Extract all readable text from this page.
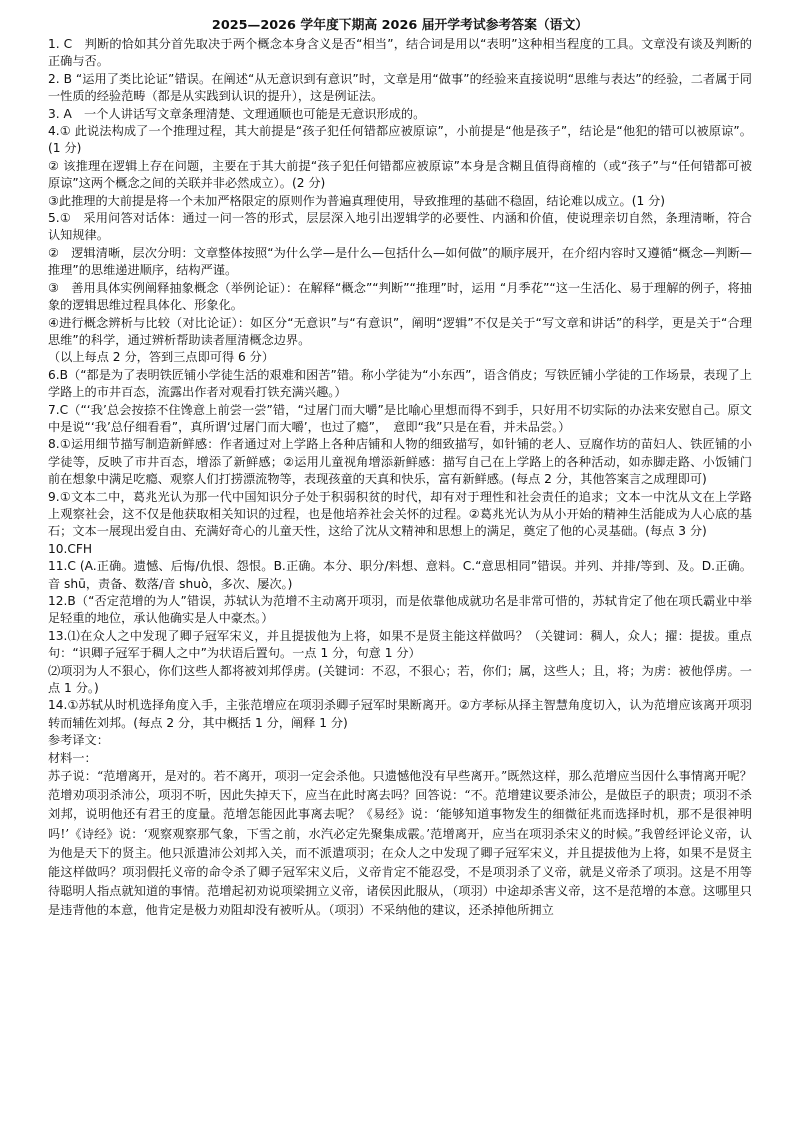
2025—2026 学年度下期高 2026 届开学考试参考答案（语文）

1. C　判断的恰如其分首先取决于两个概念本身含义是否“相当”，结合词是用以“表明”这种相当程度的工具。文章没有谈及判断的正确与否。

2. B “运用了类比论证”错误。在阐述“从无意识到有意识”时，文章是用“做事”的经验来直接说明“思维与表达”的经验，二者属于同一性质的经验范畴（都是从实践到认识的提升），这是例证法。

3. A　一个人讲话写文章条理清楚、文理通顺也可能是无意识形成的。

4.① 此说法构成了一个推理过程，其大前提是“孩子犯任何错都应被原谅”，小前提是“他是孩子”，结论是“他犯的错可以被原谅”。(1 分)

② 该推理在逻辑上存在问题，主要在于其大前提“孩子犯任何错都应被原谅”本身是含糊且值得商榷的（或“孩子”与“任何错都可被原谅”这两个概念之间的关联并非必然成立）。(2 分)

③此推理的大前提是将一个未加严格限定的原则作为普遍真理使用，导致推理的基础不稳固，结论难以成立。(1 分)

5.①　采用问答对话体：通过一问一答的形式，层层深入地引出逻辑学的必要性、内涵和价值，使说理亲切自然，条理清晰，符合认知规律。

②　逻辑清晰，层次分明：文章整体按照“为什么学—是什么—包括什么—如何做”的顺序展开，在介绍内容时又遵循“概念—判断—推理”的思维递进顺序，结构严谨。

③　善用具体实例阐释抽象概念（举例论证）：在解释“概念”“判断”“推理”时，运用 “月季花”“这一生活化、易于理解的例子，将抽象的逻辑思维过程具体化、形象化。

④进行概念辨析与比较（对比论证）：如区分“无意识”与“有意识”，阐明“逻辑”不仅是关于“写文章和讲话”的科学，更是关于“合理思维”的科学，通过辨析帮助读者厘清概念边界。

（以上每点 2 分，答到三点即可得 6 分）

6.B（“都是为了表明铁匠铺小学徒生活的艰难和困苦”错。称小学徒为“小东西”，语含俏皮；写铁匠铺小学徒的工作场景，表现了上学路上的市井百态，流露出作者对观看打铁充满兴趣。）

7.C（“‘我’总会按捺不住馋意上前尝一尝”错，“过屠门而大嚼”是比喻心里想而得不到手，只好用不切实际的办法来安慰自己。原文中是说“‘我’总仔细看看”，真所谓‘过屠门而大嚼’，也过了瘾”，　意即“我”只是在看，并未品尝。）

8.①运用细节描写制造新鲜感：作者通过对上学路上各种店铺和人物的细致描写，如针铺的老人、豆腐作坊的苗妇人、铁匠铺的小学徒等，反映了市井百态，增添了新鲜感；②运用儿童视角增添新鲜感：描写自己在上学路上的各种活动，如赤脚走路、小饭铺门前在想象中满足吃瘾、观察人们打捞漂流物等，表现孩童的天真和快乐，富有新鲜感。(每点 2 分，其他答案言之成理即可)

9.①文本二中，葛兆光认为那一代中国知识分子处于积弱积贫的时代，却有对于理性和社会责任的追求；文本一中沈从文在上学路上观察社会，这不仅是他获取相关知识的过程，也是他培养社会关怀的过程。②葛兆光认为从小开始的精神生活能成为人心底的基石；文本一展现出爱自由、充满好奇心的儿童天性，这给了沈从文精神和思想上的满足，奠定了他的心灵基础。(每点 3 分)

10.CFH

11.C (A.正确。遗憾、后悔/仇恨、怨恨。B.正确。本分、职分/料想、意料。C.“意思相同”错误。并列、并排/等到、及。D.正确。音 shū，责备、数落/音 shuò，多次、屡次。)

12.B（“否定范增的为人”错误，苏轼认为范增不主动离开项羽，而是依靠他成就功名是非常可惜的，苏轼肯定了他在项氏霸业中举足轻重的地位，承认他确实是人中豪杰。）

13.⑴在众人之中发现了卿子冠军宋义，并且提拔他为上将，如果不是贤主能这样做吗？（关键词：稠人，众人；擢：提拔。重点句：“识卿子冠军于稠人之中”为状语后置句。一点 1 分，句意 1 分）

⑵项羽为人不狠心，你们这些人都将被刘邦俘虏。(关键词：不忍，不狠心；若，你们；属，这些人；且，将；为虏：被他俘虏。一点 1 分。)

14.①苏轼从时机选择角度入手，主张范增应在项羽杀卿子冠军时果断离开。②方孝标从择主智慧角度切入，认为范增应该离开项羽转而辅佐刘邦。(每点 2 分，其中概括 1 分，阐释 1 分)

参考译文：

材料一：

苏子说：“范增离开，是对的。若不离开，项羽一定会杀他。只遗憾他没有早些离开。”既然这样，那么范增应当因什么事情离开呢？范增劝项羽杀沛公，项羽不听，因此失掉天下，应当在此时离去吗？回答说：“不。范增建议要杀沛公，是做臣子的职责；项羽不杀刘邦，说明他还有君王的度量。范增怎能因此事离去呢？《易经》说：‘能够知道事物发生的细微征兆而选择时机，那不是很神明吗!’《诗经》说：‘观察观察那气象，下雪之前，水汽必定先聚集成霰。’范增离开，应当在项羽杀宋义的时候。”我曾经评论义帝，认为他是天下的贤主。他只派遣沛公刘邦入关，而不派遣项羽；在众人之中发现了卿子冠军宋义，并且提拔他为上将，如果不是贤主能这样做吗？项羽假托义帝的命令杀了卿子冠军宋义后，义帝肯定不能忍受，不是项羽杀了义帝，就是义帝杀了项羽。这是不用等待聪明人指点就知道的事情。范增起初劝说项梁拥立义帝，诸侯因此服从，（项羽）中途却杀害义帝，这不是范增的本意。这哪里只是违背他的本意，他肯定是极力劝阻却没有被听从。（项羽）不采纳他的建议，还杀掉他所拥立
